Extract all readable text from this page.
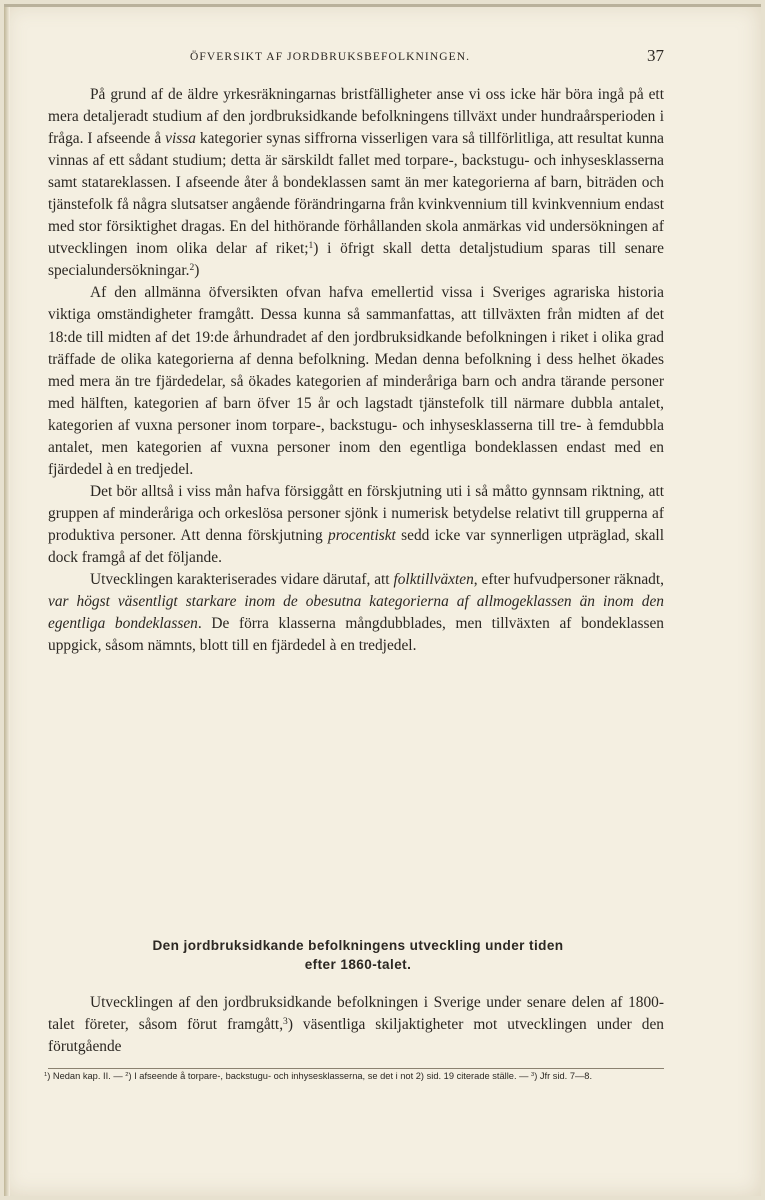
ÖFVERSIKT AF JORDBRUKSBEFOLKNINGEN.	37

På grund af de äldre yrkesräkningarnas bristfälligheter anse vi oss icke här böra ingå på ett mera detaljeradt studium af den jordbruksidkande befolkningens tillväxt under hundraårsperioden i fråga. I afseende å vissa kategorier synas siffrorna visserligen vara så tillförlitliga, att resultat kunna vinnas af ett sådant studium; detta är särskildt fallet med torpare-, backstugu- och inhysesklasserna samt statareklassen. I afseende åter å bondeklassen samt än mer kategorierna af barn, biträden och tjänstefolk få några slutsatser angående förändringarna från kvinkvennium till kvinkvennium endast med stor försiktighet dragas. En del hithörande förhållanden skola anmärkas vid undersökningen af utvecklingen inom olika delar af riket;$^1$) i öfrigt skall detta detaljstudium sparas till senare specialundersökningar.$^2$)

Af den allmänna öfversikten ofvan hafva emellertid vissa i Sveriges agrariska historia viktiga omständigheter framgått. Dessa kunna så sammanfattas, att tillväxten från midten af det 18:de till midten af det 19:de århundradet af den jordbruksidkande befolkningen i riket i olika grad träffade de olika kategorierna af denna befolkning. Medan denna befolkning i dess helhet ökades med mera än tre fjärdedelar, så ökades kategorien af minderåriga barn och andra tärande personer med hälften, kategorien af barn öfver 15 år och lagstadt tjänstefolk till närmare dubbla antalet, kategorien af vuxna personer inom torpare-, backstugu- och inhysesklasserna till tre- à femdubbla antalet, men kategorien af vuxna personer inom den egentliga bondeklassen endast med en fjärdedel à en tredjedel.

Det bör alltså i viss mån hafva försiggått en förskjutning uti i så måtto gynnsam riktning, att gruppen af minderåriga och orkeslösa personer sjönk i numerisk betydelse relativt till grupperna af produktiva personer. Att denna förskjutning procentiskt sedd icke var synnerligen utpräglad, skall dock framgå af det följande.

Utvecklingen karakteriserades vidare därutaf, att folktillväxten, efter hufvudpersoner räknadt, var högst väsentligt starkare inom de obesutna kategorierna af allmogeklassen än inom den egentliga bondeklassen. De förra klasserna mångdubblades, men tillväxten af bondeklassen uppgick, såsom nämnts, blott till en fjärdedel à en tredjedel.

Den jordbruksidkande befolkningens utveckling under tiden
efter 1860-talet.

Utvecklingen af den jordbruksidkande befolkningen i Sverige under senare delen af 1800-talet företer, såsom förut framgått,$^3$) väsentliga skiljaktigheter mot utvecklingen under den förutgående

$^1$) Nedan kap. II. — $^2$) I afseende å torpare-, backstugu- och inhysesklasserna, se det i not 2) sid. 19 citerade ställe. — $^3$) Jfr sid. 7—8.
